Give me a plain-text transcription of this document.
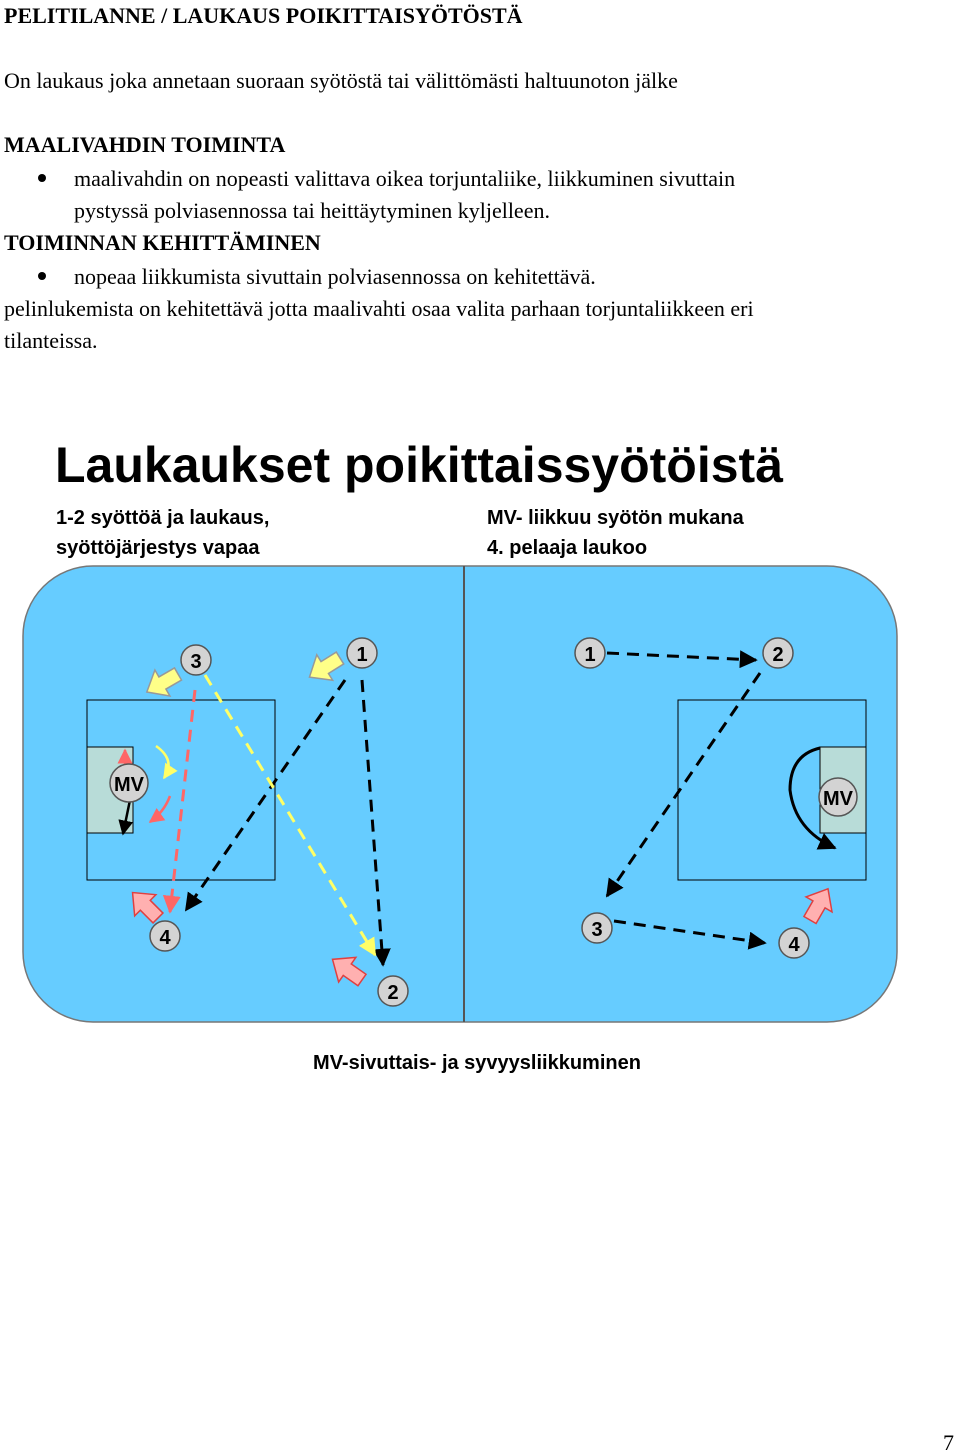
PELITILANNE / LAUKAUS POIKITTAISYÖTÖSTÄ

On laukaus joka annetaan suoraan syötöstä tai välittömästi haltuunoton jälke

MAALIVAHDIN TOIMINTA

maalivahdin on nopeasti valittava oikea torjuntaliike, liikkuminen sivuttain
pystyssä polviasennossa tai heittäytyminen kyljelleen.

TOIMINNAN KEHITTÄMINEN

nopeaa liikkumista sivuttain polviasennossa on kehitettävä.

pelinlukemista on kehitettävä jotta maalivahti osaa valita parhaan torjuntaliikkeen eri

tilanteissa.

Laukaukset poikittaissyötöistä
1-2 syöttöä ja laukaus,
syöttöjärjestys vapaa
MV- liikkuu syötön mukana
4. pelaaja laukoo
MV
1
2
3
4
MV
1	2
3
4
MV-sivuttais- ja syvyysliikkuminen
7
